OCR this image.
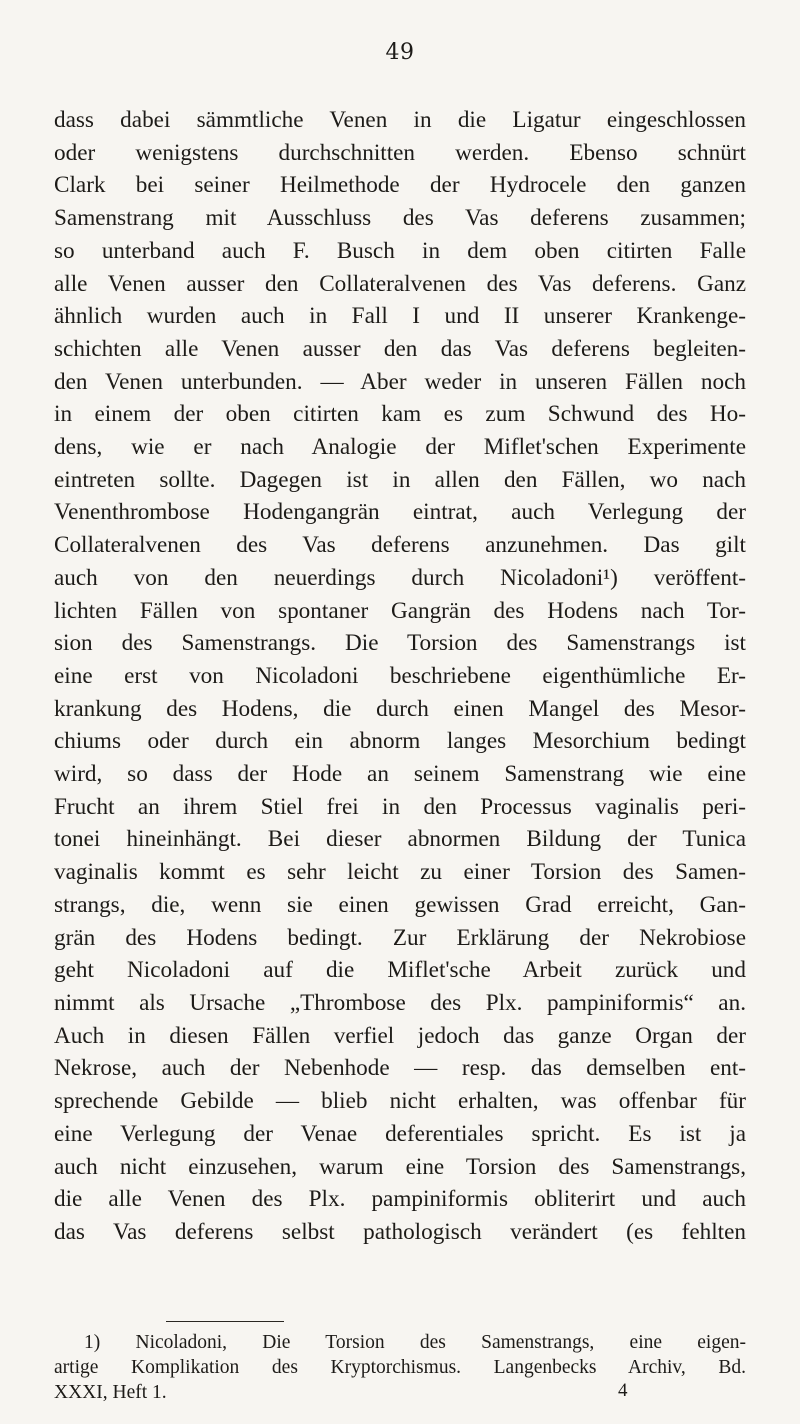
49
dass dabei sämmtliche Venen in die Ligatur eingeschlossen
oder wenigstens durchschnitten werden. Ebenso schnürt
Clark bei seiner Heilmethode der Hydrocele den ganzen
Samenstrang mit Ausschluss des Vas deferens zusammen;
so unterband auch F. Busch in dem oben citirten Falle
alle Venen ausser den Collateralvenen des Vas deferens. Ganz
ähnlich wurden auch in Fall I und II unserer Krankenge-
schichten alle Venen ausser den das Vas deferens begleiten-
den Venen unterbunden. — Aber weder in unseren Fällen noch
in einem der oben citirten kam es zum Schwund des Ho-
dens, wie er nach Analogie der Miflet'schen Experimente
eintreten sollte. Dagegen ist in allen den Fällen, wo nach
Venenthrombose Hodengangrän eintrat, auch Verlegung der
Collateralvenen des Vas deferens anzunehmen. Das gilt
auch von den neuerdings durch Nicoladoni¹) veröffent-
lichten Fällen von spontaner Gangrän des Hodens nach Tor-
sion des Samenstrangs. Die Torsion des Samenstrangs ist
eine erst von Nicoladoni beschriebene eigenthümliche Er-
krankung des Hodens, die durch einen Mangel des Mesor-
chiums oder durch ein abnorm langes Mesorchium bedingt
wird, so dass der Hode an seinem Samenstrang wie eine
Frucht an ihrem Stiel frei in den Processus vaginalis peri-
tonei hineinhängt. Bei dieser abnormen Bildung der Tunica
vaginalis kommt es sehr leicht zu einer Torsion des Samen-
strangs, die, wenn sie einen gewissen Grad erreicht, Gan-
grän des Hodens bedingt. Zur Erklärung der Nekrobiose
geht Nicoladoni auf die Miflet'sche Arbeit zurück und
nimmt als Ursache „Thrombose des Plx. pampiniformis“ an.
Auch in diesen Fällen verfiel jedoch das ganze Organ der
Nekrose, auch der Nebenhode — resp. das demselben ent-
sprechende Gebilde — blieb nicht erhalten, was offenbar für
eine Verlegung der Venae deferentiales spricht. Es ist ja
auch nicht einzusehen, warum eine Torsion des Samenstrangs,
die alle Venen des Plx. pampiniformis obliterirt und auch
das Vas deferens selbst pathologisch verändert (es fehlten
1) Nicoladoni, Die Torsion des Samenstrangs, eine eigen-
artige Komplikation des Kryptorchismus. Langenbecks Archiv, Bd.
XXXI, Heft 1.	4
